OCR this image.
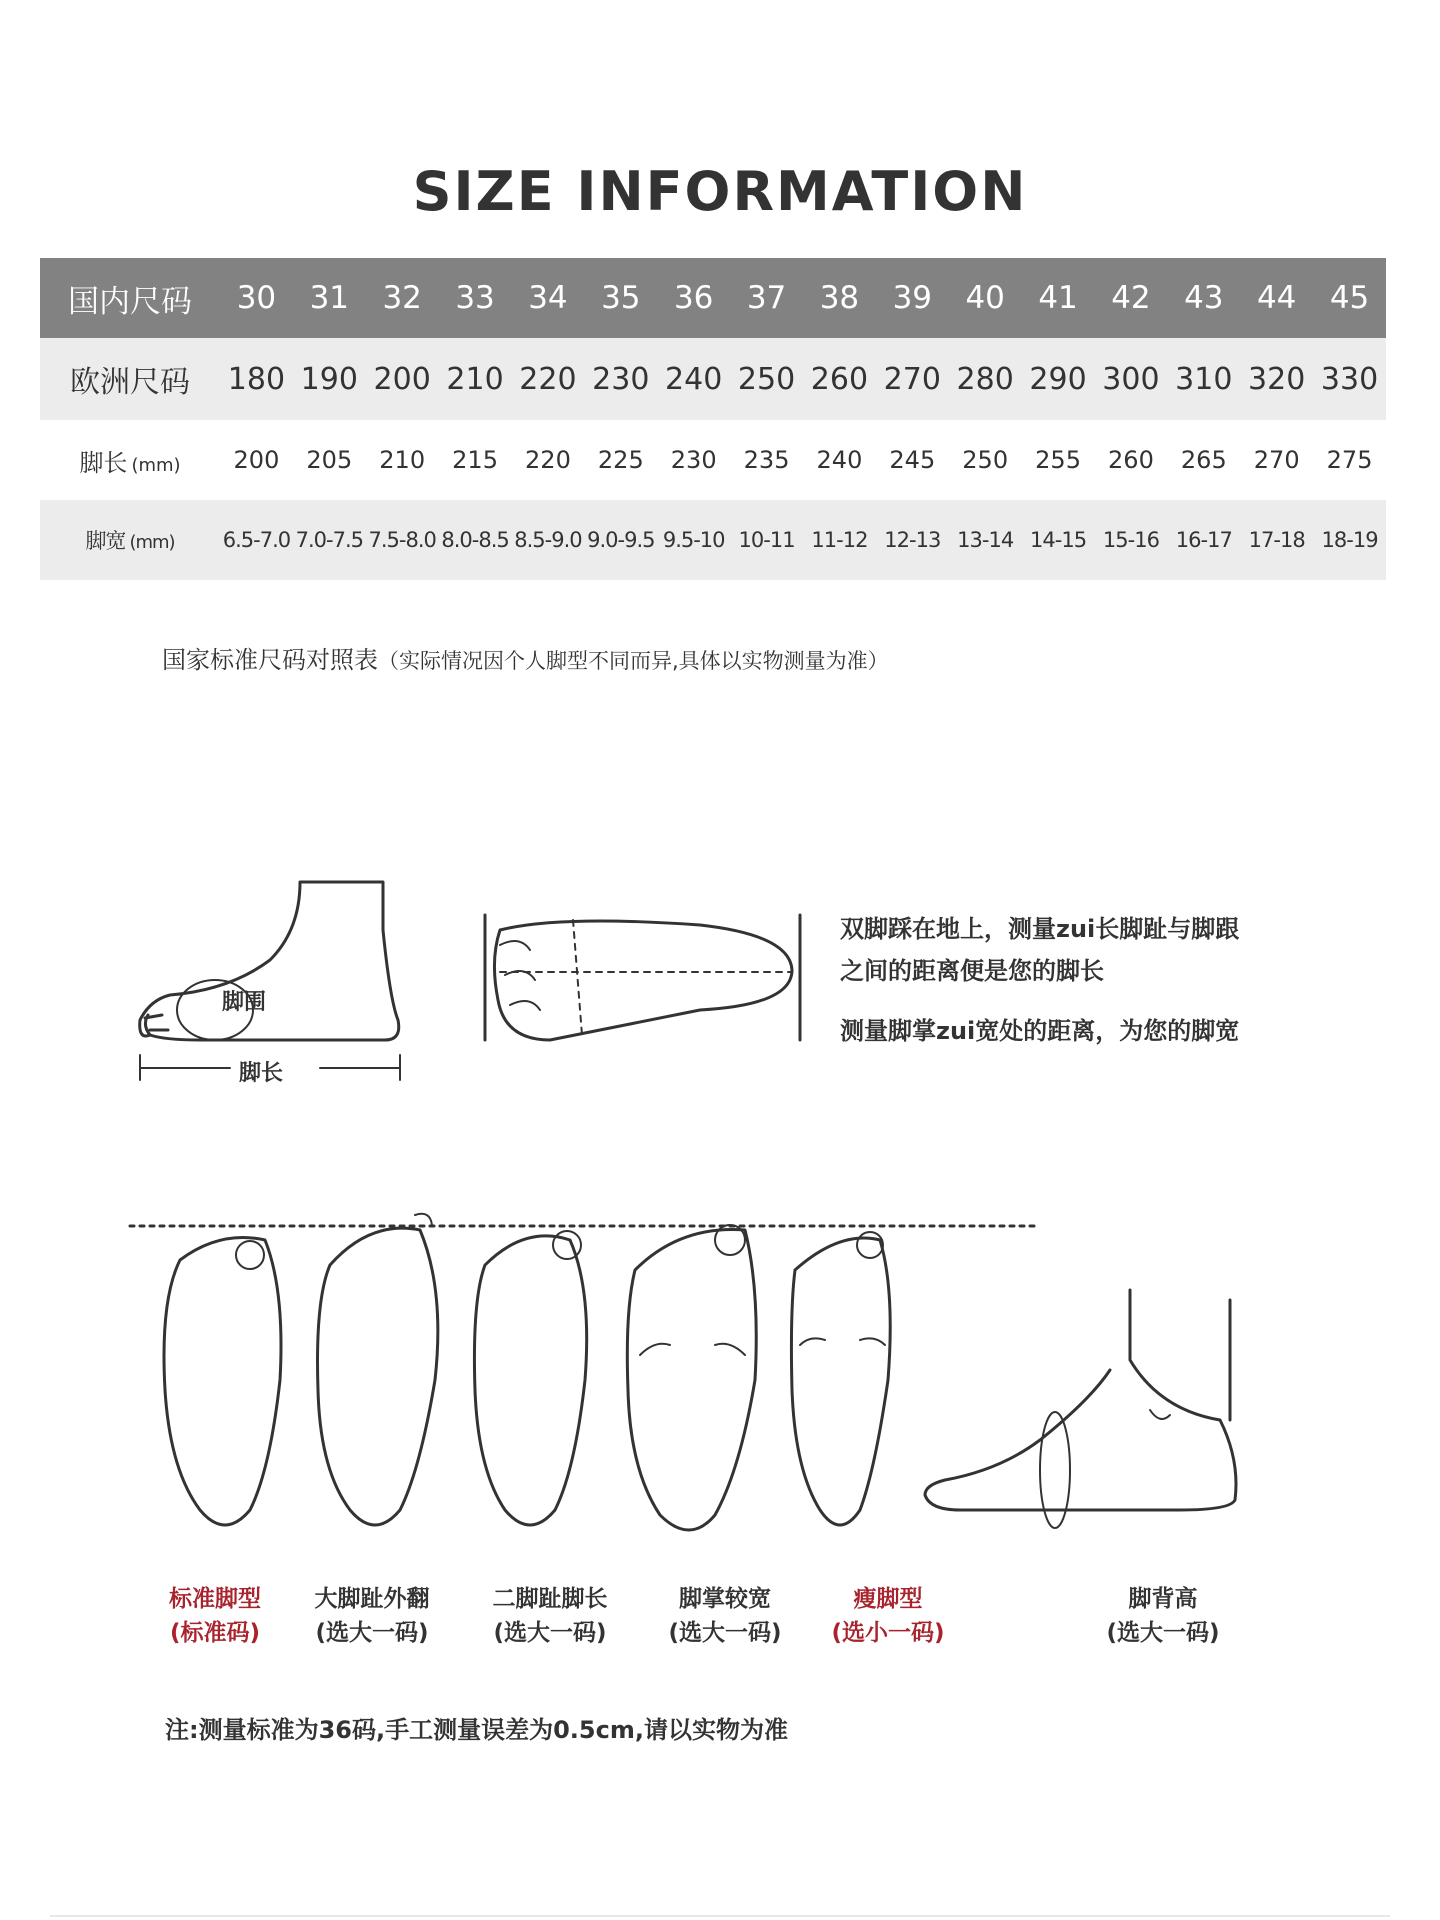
SIZE INFORMATION
国内尺码	30	31	32	33	34	35	36	37	38	39	40	41	42	43	44	45
欧洲尺码	180	190	200	210	220	230	240	250	260	270	280	290	300	310	320	330
脚长 (mm)	200	205	210	215	220	225	230	235	240	245	250	255	260	265	270	275
脚宽 (mm)	6.5-7.0	7.0-7.5	7.5-8.0	8.0-8.5	8.5-9.0	9.0-9.5	9.5-10	10-11	11-12	12-13	13-14	14-15	15-16	16-17	17-18	18-19
国家标准尺码对照表（实际情况因个人脚型不同而异,具体以实物测量为准）
脚围
脚长
双脚踩在地上，测量zui长脚趾与脚跟
之间的距离便是您的脚长
测量脚掌zui宽处的距离，为您的脚宽
标准脚型
(标准码)
大脚趾外翻
(选大一码)
二脚趾脚长
(选大一码)
脚掌较宽
(选大一码)
瘦脚型
(选小一码)
脚背高
(选大一码)
注:测量标准为36码,手工测量误差为0.5cm,请以实物为准
